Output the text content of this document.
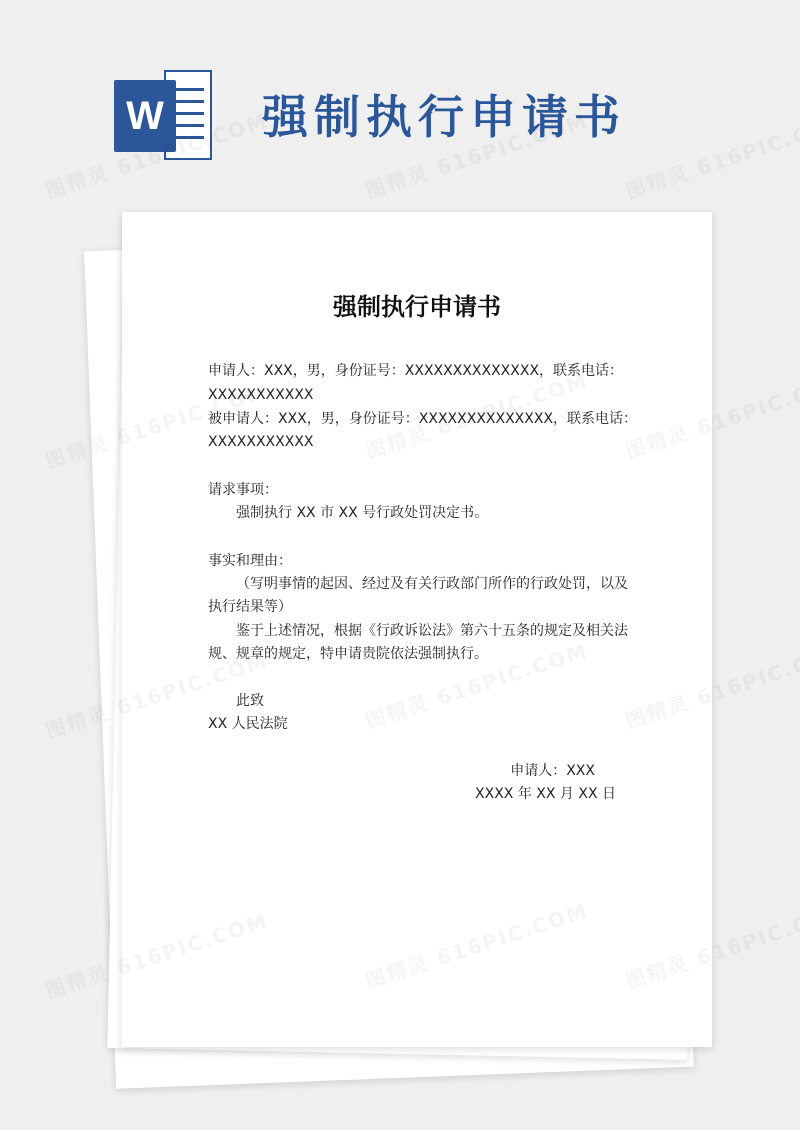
W 强制执行申请书
强制执行申请书
申请人：XXX，男，身份证号：XXXXXXXXXXXXXX，联系电话：
XXXXXXXXXXX
被申请人：XXX，男，身份证号：XXXXXXXXXXXXXX，联系电话：
XXXXXXXXXXX
请求事项：
强制执行 XX 市 XX 号行政处罚决定书。
事实和理由：
（写明事情的起因、经过及有关行政部门所作的行政处罚，以及
执行结果等）
鉴于上述情况，根据《行政诉讼法》第六十五条的规定及相关法
规、规章的规定，特申请贵院依法强制执行。
此致
XX 人民法院
申请人：XXX
XXXX 年 XX 月 XX 日
